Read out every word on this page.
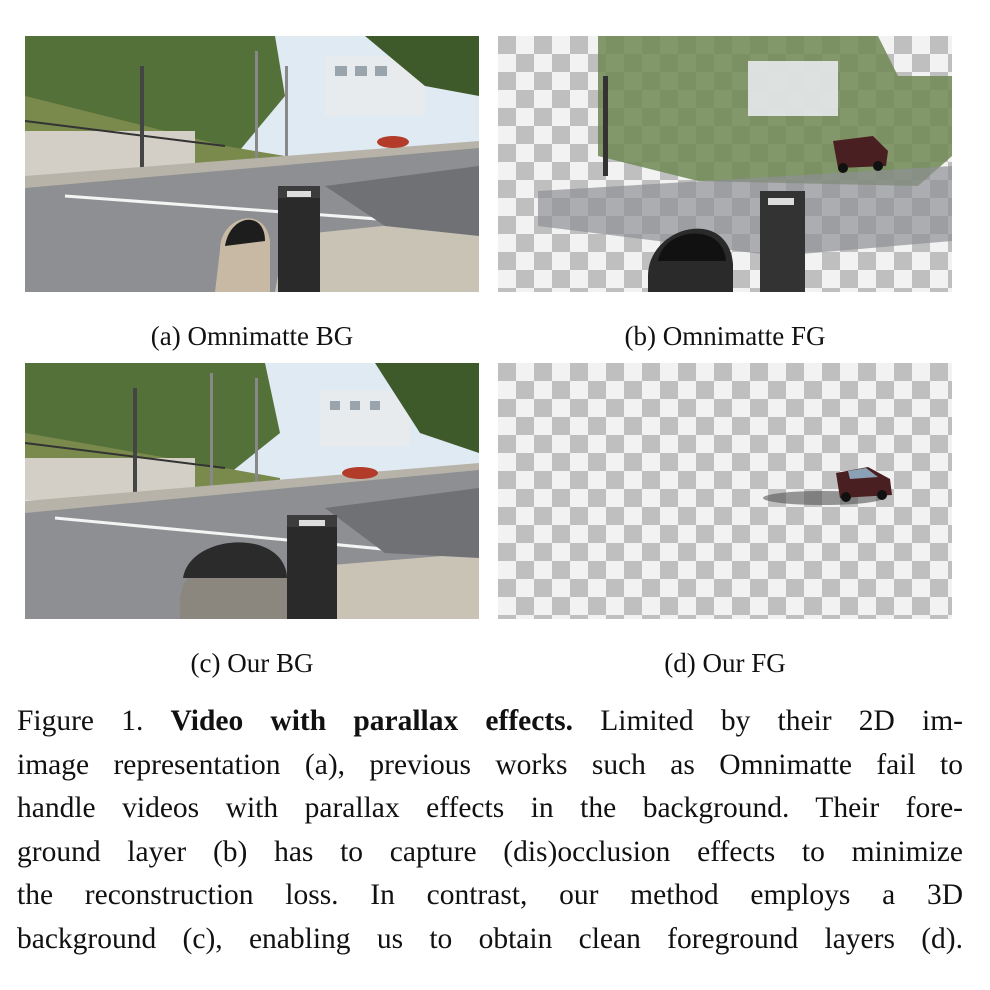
(a) Omnimatte BG	(b) Omnimatte FG
(c) Our BG	(d) Our FG
Figure 1. Video with parallax effects. Limited by their 2D im-
image representation (a), previous works such as Omnimatte fail to
handle videos with parallax effects in the background. Their fore-
ground layer (b) has to capture (dis)occlusion effects to minimize
the reconstruction loss. In contrast, our method employs a 3D
background (c), enabling us to obtain clean foreground layers (d).
